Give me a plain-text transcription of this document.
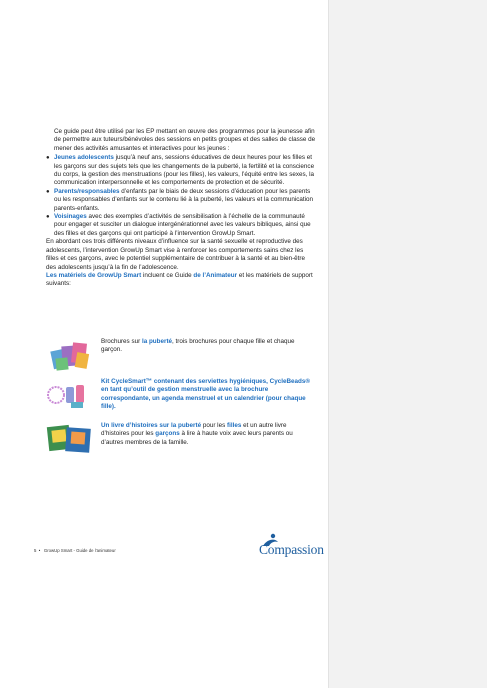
Ce guide peut être utilisé par les EP mettant en œuvre des programmes pour la jeunesse afin de permettre aux tuteurs/bénévoles des sessions en petits groupes et des salles de classe de mener des activités amusantes et interactives pour les jeunes :

● Jeunes adolescents jusqu’à neuf ans, sessions éducatives de deux heures pour les filles et les garçons sur des sujets tels que les changements de la puberté, la fertilité et la conscience du corps, la gestion des menstruations (pour les filles), les valeurs, l’équité entre les sexes, la communication interpersonnelle et les comportements de protection et de sécurité.
● Parents/responsables d’enfants par le biais de deux sessions d’éducation pour les parents ou les responsables d’enfants sur le contenu lié à la puberté, les valeurs et la communication parents-enfants.
● Voisinages avec des exemples d’activités de sensibilisation à l’échelle de la communauté pour engager et susciter un dialogue intergénérationnel avec les valeurs bibliques, ainsi que des filles et des garçons qui ont participé à l’intervention GrowUp Smart.

En abordant ces trois différents niveaux d’influence sur la santé sexuelle et reproductive des adolescents, l’intervention GrowUp Smart vise à renforcer les comportements sains chez les filles et ces garçons, avec le potentiel supplémentaire de contribuer à la santé et au bien-être des adolescents jusqu’à la fin de l’adolescence.

Les matériels de GrowUp Smart incluent ce Guide de l’Animateur et les matériels de support suivants:

Brochures sur la puberté, trois brochures pour chaque fille et chaque garçon.
Kit CycleSmart™ contenant des serviettes hygiéniques, CycleBeads® en tant qu’outil de gestion menstruelle avec la brochure correspondante, un agenda menstruel et un calendrier (pour chaque fille).
Un livre d’histoires sur la puberté pour les filles et un autre livre d’histoires pour les garçons à lire à haute voix avec leurs parents ou d’autres membres de la famille.
5  •   GrowUp Smart - Guide de l’animateur	Compassion
